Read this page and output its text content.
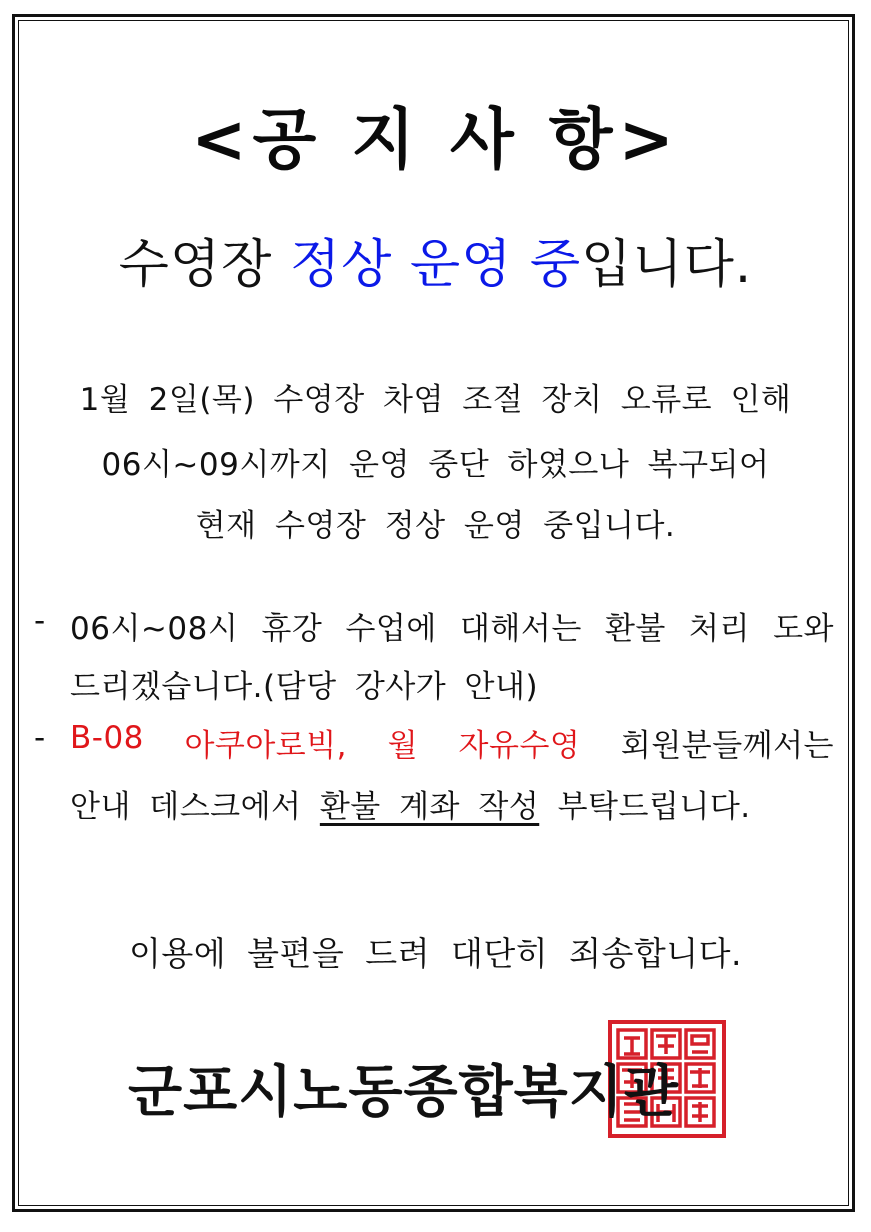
<공 지 사 항>
수영장 정상 운영 중입니다.
1월 2일(목) 수영장 차염 조절 장치 오류로 인해
06시~09시까지 운영 중단 하였으나 복구되어
현재 수영장 정상 운영 중입니다.
- 06시~08시 휴강 수업에 대해서는 환불 처리 도와
드리겠습니다.(담당 강사가 안내)
- B-08 아쿠아로빅, 월 자유수영 회원분들께서는
안내 데스크에서 환불 계좌 작성 부탁드립니다.
이용에 불편을 드려 대단히 죄송합니다.
군포시노동종합복지관
